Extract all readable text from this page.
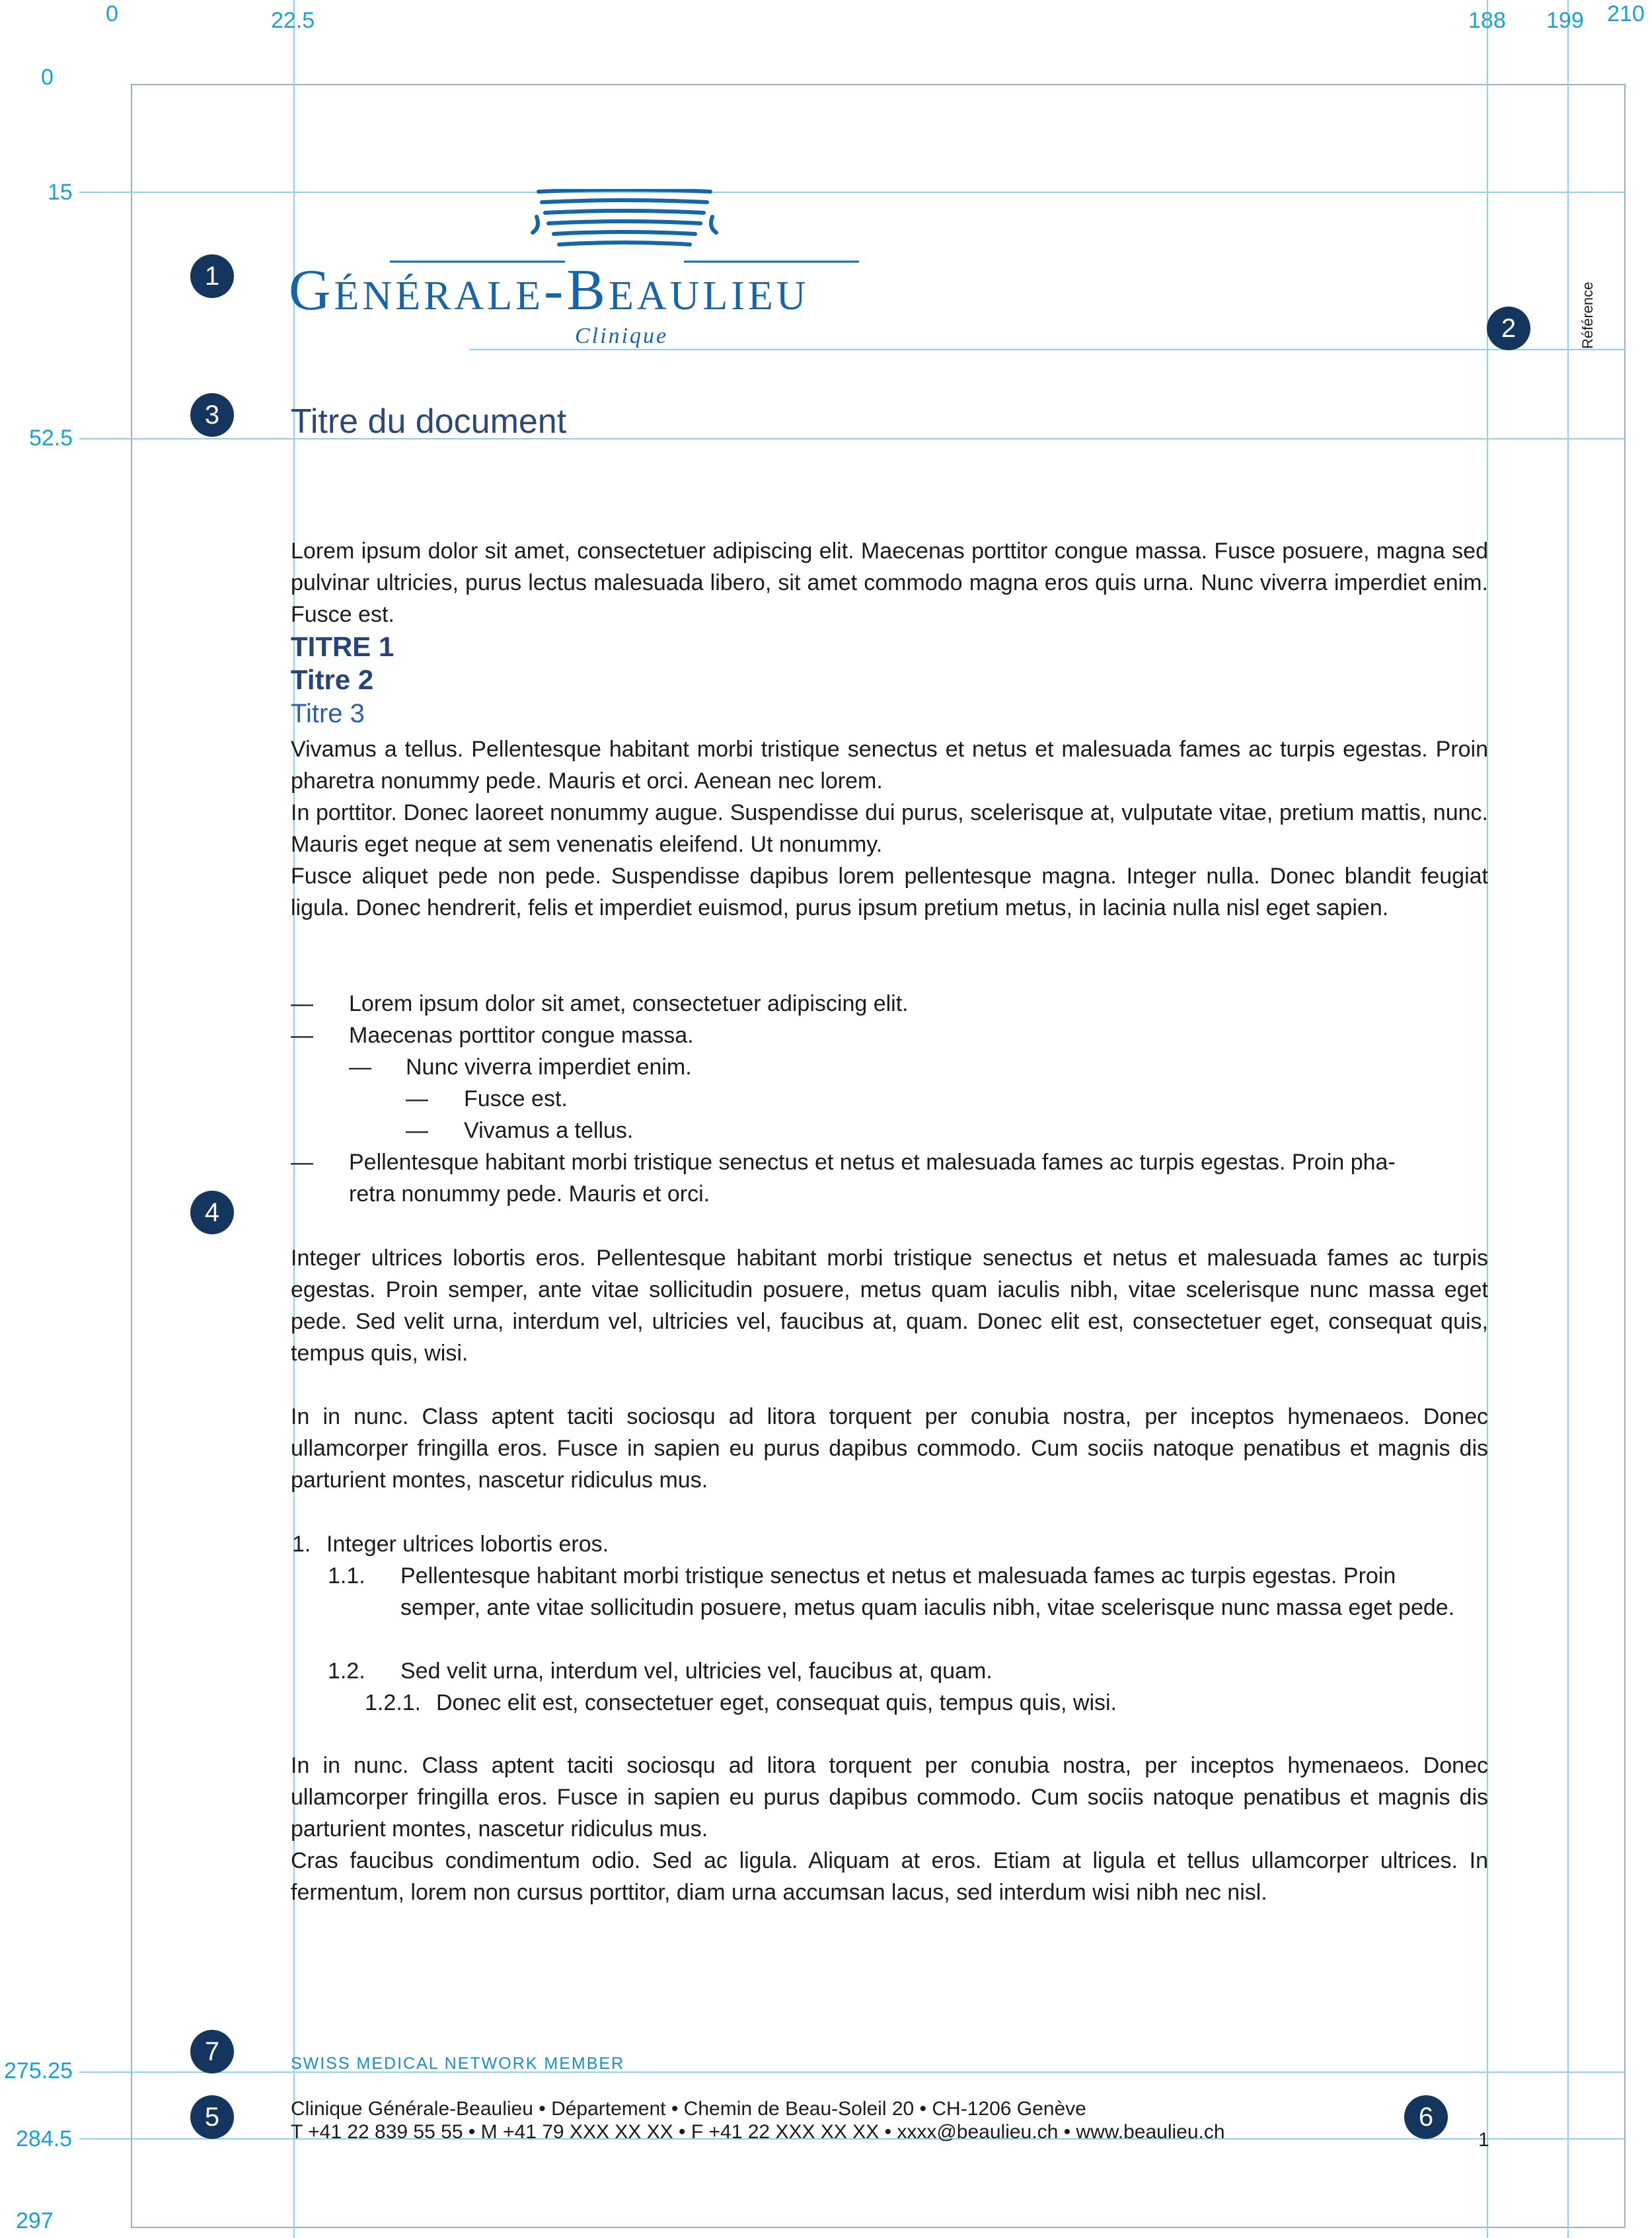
0	22.5	188 199 210
0
15
52.5
275.25
284.5
297
1
2
3
4
5	6
7
Générale-Beaulieu
Clinique	Référence
Titre du document
Lorem ipsum dolor sit amet, consectetuer adipiscing elit. Maecenas porttitor congue massa. Fusce posuere, magna sed pulvinar ultricies, purus lectus malesuada libero, sit amet commodo magna eros quis urna. Nunc viverra imperdiet enim. Fusce est.
TITRE 1
Titre 2
Titre 3
Vivamus a tellus. Pellentesque habitant morbi tristique senectus et netus et malesuada fames ac turpis egestas. Proin pharetra nonummy pede. Mauris et orci. Aenean nec lorem.
In porttitor. Donec laoreet nonummy augue. Suspendisse dui purus, scelerisque at, vulputate vitae, pretium mattis, nunc. Mauris eget neque at sem venenatis eleifend. Ut nonummy.
Fusce aliquet pede non pede. Suspendisse dapibus lorem pellentesque magna. Integer nulla. Donec blandit feugiat ligula. Donec hendrerit, felis et imperdiet euismod, purus ipsum pretium metus, in lacinia nulla nisl eget sapien.
— Lorem ipsum dolor sit amet, consectetuer adipiscing elit.
— Maecenas porttitor congue massa.
— Nunc viverra imperdiet enim.
— Fusce est.
— Vivamus a tellus.
— Pellentesque habitant morbi tristique senectus et netus et malesuada fames ac turpis egestas. Proin pha-
retra nonummy pede. Mauris et orci.
Integer ultrices lobortis eros. Pellentesque habitant morbi tristique senectus et netus et malesuada fames ac turpis egestas. Proin semper, ante vitae sollicitudin posuere, metus quam iaculis nibh, vitae scelerisque nunc massa eget pede. Sed velit urna, interdum vel, ultricies vel, faucibus at, quam. Donec elit est, consectetuer eget, consequat quis, tempus quis, wisi.
In in nunc. Class aptent taciti sociosqu ad litora torquent per conubia nostra, per inceptos hymenaeos. Donec ullamcorper fringilla eros. Fusce in sapien eu purus dapibus commodo. Cum sociis natoque penatibus et magnis dis parturient montes, nascetur ridiculus mus.
1. Integer ultrices lobortis eros.
1.1. Pellentesque habitant morbi tristique senectus et netus et malesuada fames ac turpis egestas. Proin semper, ante vitae sollicitudin posuere, metus quam iaculis nibh, vitae scelerisque nunc massa eget pede.
1.2. Sed velit urna, interdum vel, ultricies vel, faucibus at, quam.
1.2.1. Donec elit est, consectetuer eget, consequat quis, tempus quis, wisi.
In in nunc. Class aptent taciti sociosqu ad litora torquent per conubia nostra, per inceptos hymenaeos. Donec ullamcorper fringilla eros. Fusce in sapien eu purus dapibus commodo. Cum sociis natoque penatibus et magnis dis parturient montes, nascetur ridiculus mus.
Cras faucibus condimentum odio. Sed ac ligula. Aliquam at eros. Etiam at ligula et tellus ullamcorper ultrices. In fermentum, lorem non cursus porttitor, diam urna accumsan lacus, sed interdum wisi nibh nec nisl.
SWISS MEDICAL NETWORK MEMBER
Clinique Générale-Beaulieu • Département • Chemin de Beau-Soleil 20 • CH-1206 Genève
T +41 22 839 55 55 • M +41 79 XXX XX XX • F +41 22 XXX XX XX • xxxx@beaulieu.ch • www.beaulieu.ch	1
